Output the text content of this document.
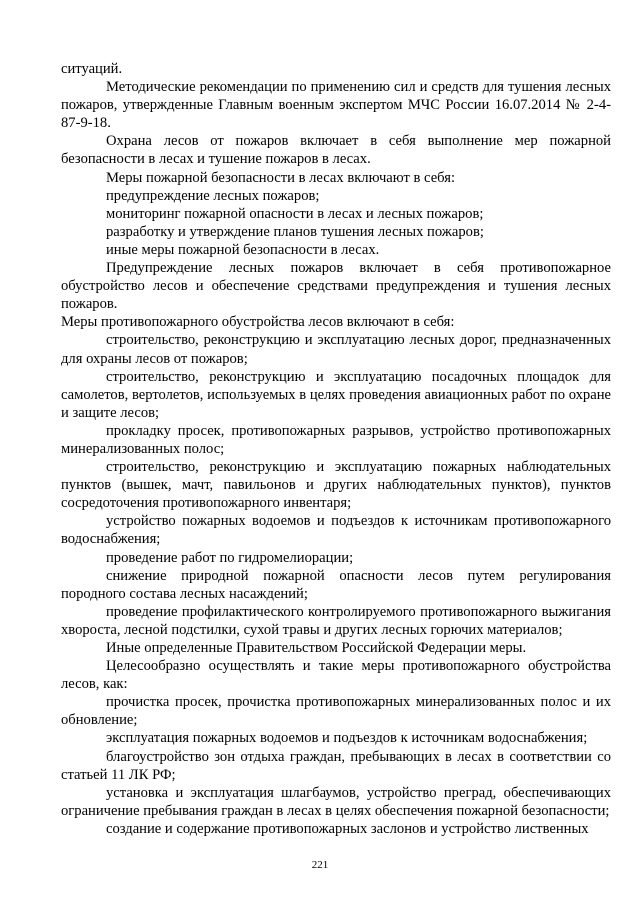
ситуаций.

Методические рекомендации по применению сил и средств для тушения лесных пожаров, утвержденные Главным военным экспертом МЧС России 16.07.2014 № 2-4-87-9-18.

Охрана лесов от пожаров включает в себя выполнение мер пожарной безопасности в лесах и тушение пожаров в лесах.

Меры пожарной безопасности в лесах включают в себя:

предупреждение лесных пожаров;

мониторинг пожарной опасности в лесах и лесных пожаров;

разработку и утверждение планов тушения лесных пожаров;

иные меры пожарной безопасности в лесах.

Предупреждение лесных пожаров включает в себя противопожарное обустройство лесов и обеспечение средствами предупреждения и тушения лесных пожаров.

Меры противопожарного обустройства лесов включают в себя:

строительство, реконструкцию и эксплуатацию лесных дорог, предназначенных для охраны лесов от пожаров;

строительство, реконструкцию и эксплуатацию посадочных площадок для самолетов, вертолетов, используемых в целях проведения авиационных работ по охране и защите лесов;

прокладку просек, противопожарных разрывов, устройство противопожарных минерализованных полос;

строительство, реконструкцию и эксплуатацию пожарных наблюдательных пунктов (вышек, мачт, павильонов и других наблюдательных пунктов), пунктов сосредоточения противопожарного инвентаря;

устройство пожарных водоемов и подъездов к источникам противопожарного водоснабжения;

проведение работ по гидромелиорации;

снижение природной пожарной опасности лесов путем регулирования породного состава лесных насаждений;

проведение профилактического контролируемого противопожарного выжигания хвороста, лесной подстилки, сухой травы и других лесных горючих материалов;

Иные определенные Правительством Российской Федерации меры.

Целесообразно осуществлять и такие меры противопожарного обустройства лесов, как:

прочистка просек, прочистка противопожарных минерализованных полос и их обновление;

эксплуатация пожарных водоемов и подъездов к источникам водоснабжения;

благоустройство зон отдыха граждан, пребывающих в лесах в соответствии со статьей 11 ЛК РФ;

установка и эксплуатация шлагбаумов, устройство преград, обеспечивающих ограничение пребывания граждан в лесах в целях обеспечения пожарной безопасности;

создание и содержание противопожарных заслонов и устройство лиственных

221
